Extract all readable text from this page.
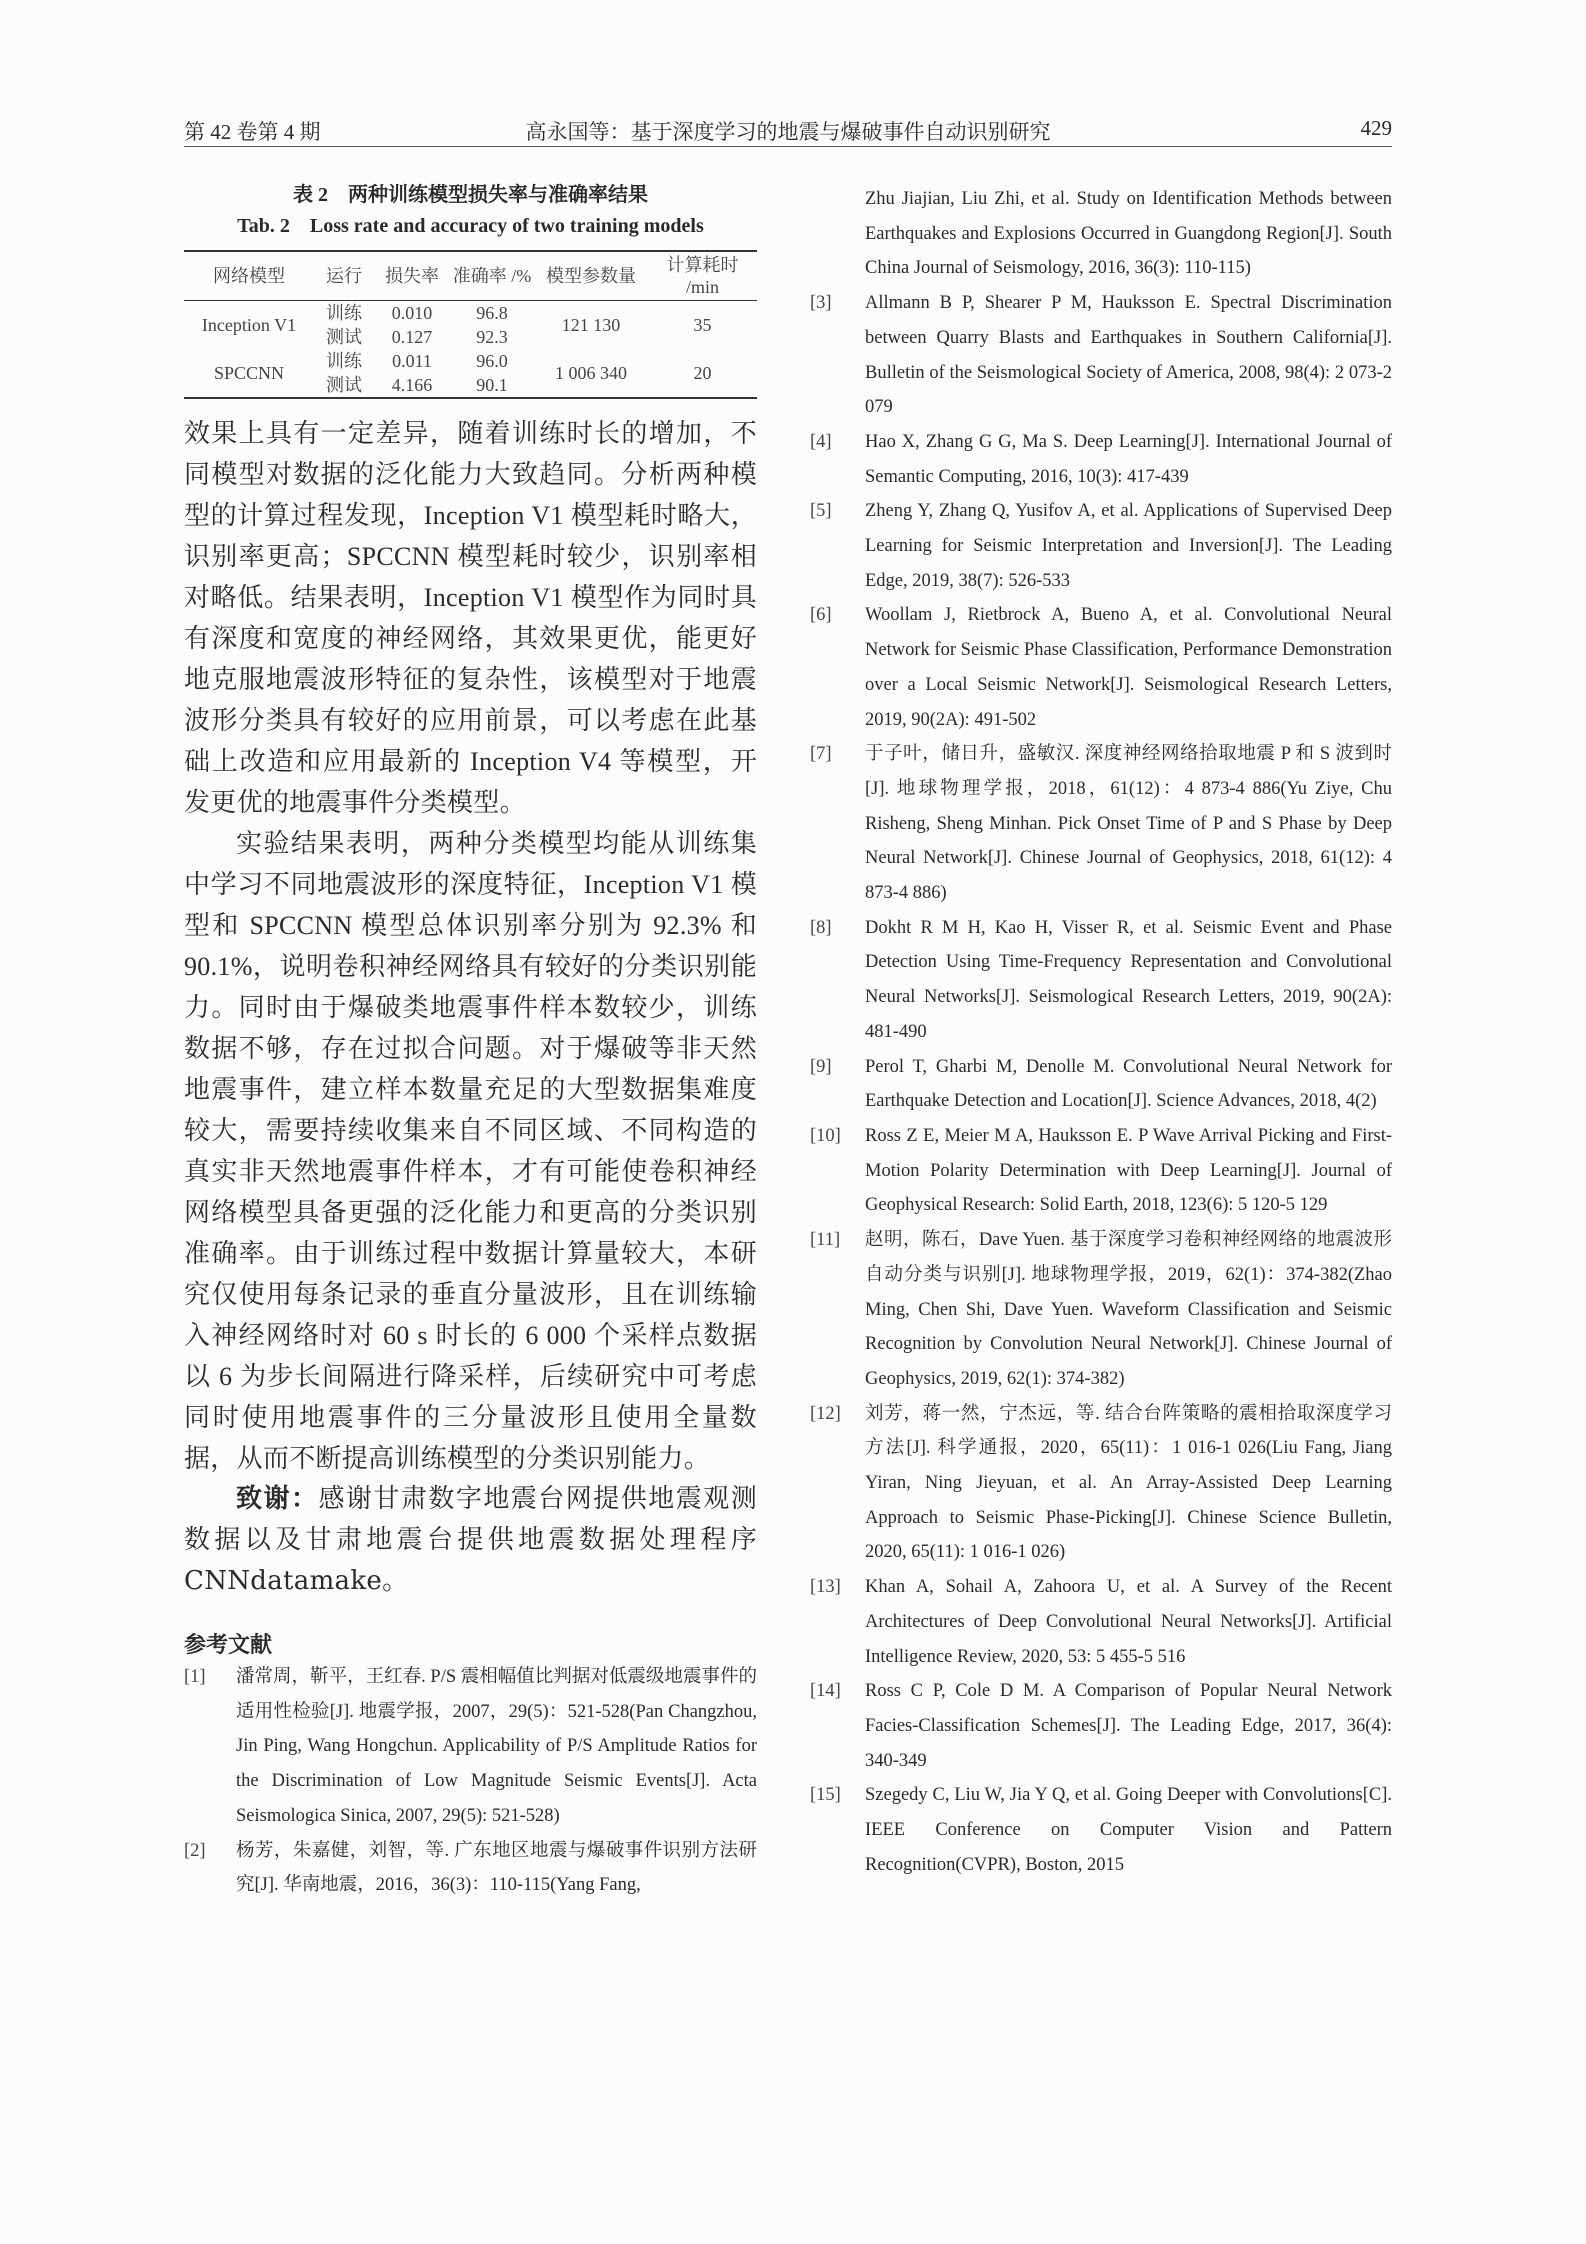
第 42 卷第 4 期	高永国等：基于深度学习的地震与爆破事件自动识别研究	429
表 2　两种训练模型损失率与准确率结果
Tab. 2　Loss rate and accuracy of two training models
网络模型	运行	损失率	准确率 /%	模型参数量	计算耗时 /min
Inception V1	训练	0.010	96.8	121 130	35
	测试	0.127	92.3		
SPCCNN	训练	0.011	96.0	1 006 340	20
	测试	4.166	90.1		

效果上具有一定差异，随着训练时长的增加，不同模型对数据的泛化能力大致趋同。分析两种模型的计算过程发现，Inception V1 模型耗时略大，识别率更高；SPCCNN 模型耗时较少，识别率相对略低。结果表明，Inception V1 模型作为同时具有深度和宽度的神经网络，其效果更优，能更好地克服地震波形特征的复杂性，该模型对于地震波形分类具有较好的应用前景，可以考虑在此基础上改造和应用最新的 Inception V4 等模型，开发更优的地震事件分类模型。

实验结果表明，两种分类模型均能从训练集中学习不同地震波形的深度特征，Inception V1 模型和 SPCCNN 模型总体识别率分别为 92.3% 和 90.1%，说明卷积神经网络具有较好的分类识别能力。同时由于爆破类地震事件样本数较少，训练数据不够，存在过拟合问题。对于爆破等非天然地震事件，建立样本数量充足的大型数据集难度较大，需要持续收集来自不同区域、不同构造的真实非天然地震事件样本，才有可能使卷积神经网络模型具备更强的泛化能力和更高的分类识别准确率。由于训练过程中数据计算量较大，本研究仅使用每条记录的垂直分量波形，且在训练输入神经网络时对 60 s 时长的 6 000 个采样点数据以 6 为步长间隔进行降采样，后续研究中可考虑同时使用地震事件的三分量波形且使用全量数据，从而不断提高训练模型的分类识别能力。

致谢：感谢甘肃数字地震台网提供地震观测数据以及甘肃地震台提供地震数据处理程序CNNdatamake。

参考文献
[1] 潘常周，靳平，王红春. P/S 震相幅值比判据对低震级地震事件的适用性检验[J]. 地震学报，2007，29(5)：521-528(Pan Changzhou, Jin Ping, Wang Hongchun. Applicability of P/S Amplitude Ratios for the Discrimination of Low Magnitude Seismic Events[J]. Acta Seismologica Sinica, 2007, 29(5): 521-528)
[2] 杨芳，朱嘉健，刘智，等. 广东地区地震与爆破事件识别方法研究[J]. 华南地震，2016，36(3)：110-115(Yang Fang,
Zhu Jiajian, Liu Zhi, et al. Study on Identification Methods between Earthquakes and Explosions Occurred in Guangdong Region[J]. South China Journal of Seismology, 2016, 36(3): 110-115)
[3] Allmann B P, Shearer P M, Hauksson E. Spectral Discrimination between Quarry Blasts and Earthquakes in Southern California[J]. Bulletin of the Seismological Society of America, 2008, 98(4): 2 073-2 079
[4] Hao X, Zhang G G, Ma S. Deep Learning[J]. International Journal of Semantic Computing, 2016, 10(3): 417-439
[5] Zheng Y, Zhang Q, Yusifov A, et al. Applications of Supervised Deep Learning for Seismic Interpretation and Inversion[J]. The Leading Edge, 2019, 38(7): 526-533
[6] Woollam J, Rietbrock A, Bueno A, et al. Convolutional Neural Network for Seismic Phase Classification, Performance Demonstration over a Local Seismic Network[J]. Seismological Research Letters, 2019, 90(2A): 491-502
[7] 于子叶，储日升，盛敏汉. 深度神经网络拾取地震 P 和 S 波到时[J]. 地球物理学报，2018，61(12)：4 873-4 886(Yu Ziye, Chu Risheng, Sheng Minhan. Pick Onset Time of P and S Phase by Deep Neural Network[J]. Chinese Journal of Geophysics, 2018, 61(12): 4 873-4 886)
[8] Dokht R M H, Kao H, Visser R, et al. Seismic Event and Phase Detection Using Time-Frequency Representation and Convolutional Neural Networks[J]. Seismological Research Letters, 2019, 90(2A): 481-490
[9] Perol T, Gharbi M, Denolle M. Convolutional Neural Network for Earthquake Detection and Location[J]. Science Advances, 2018, 4(2)
[10] Ross Z E, Meier M A, Hauksson E. P Wave Arrival Picking and First-Motion Polarity Determination with Deep Learning[J]. Journal of Geophysical Research: Solid Earth, 2018, 123(6): 5 120-5 129
[11] 赵明，陈石，Dave Yuen. 基于深度学习卷积神经网络的地震波形自动分类与识别[J]. 地球物理学报，2019，62(1)：374-382(Zhao Ming, Chen Shi, Dave Yuen. Waveform Classification and Seismic Recognition by Convolution Neural Network[J]. Chinese Journal of Geophysics, 2019, 62(1): 374-382)
[12] 刘芳，蒋一然，宁杰远，等. 结合台阵策略的震相拾取深度学习方法[J]. 科学通报，2020，65(11)：1 016-1 026(Liu Fang, Jiang Yiran, Ning Jieyuan, et al. An Array-Assisted Deep Learning Approach to Seismic Phase-Picking[J]. Chinese Science Bulletin, 2020, 65(11): 1 016-1 026)
[13] Khan A, Sohail A, Zahoora U, et al. A Survey of the Recent Architectures of Deep Convolutional Neural Networks[J]. Artificial Intelligence Review, 2020, 53: 5 455-5 516
[14] Ross C P, Cole D M. A Comparison of Popular Neural Network Facies-Classification Schemes[J]. The Leading Edge, 2017, 36(4): 340-349
[15] Szegedy C, Liu W, Jia Y Q, et al. Going Deeper with Convolutions[C]. IEEE Conference on Computer Vision and Pattern Recognition(CVPR), Boston, 2015
